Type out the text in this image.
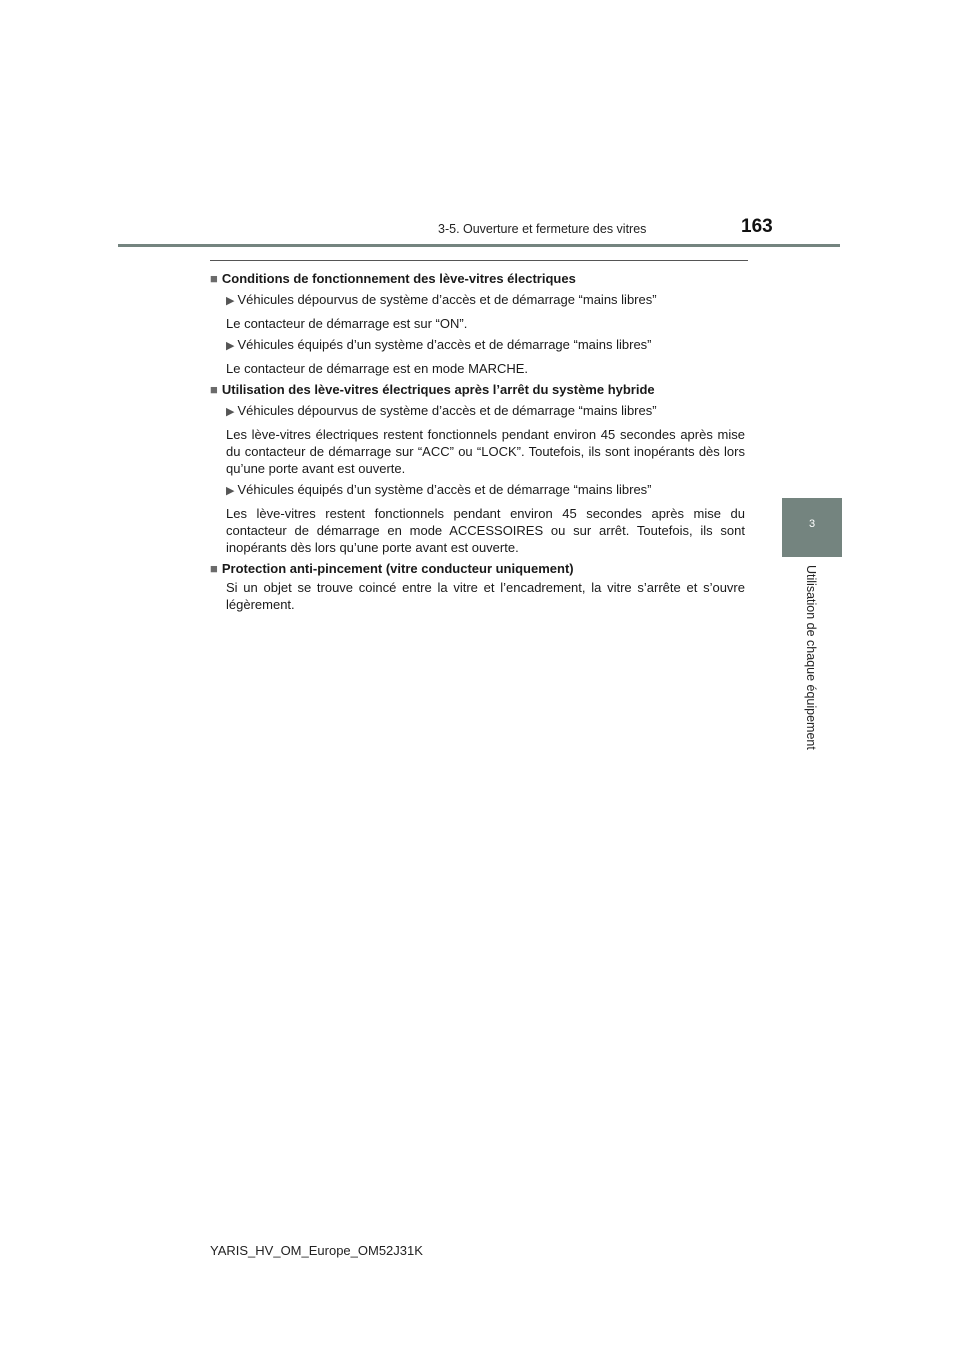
3-5. Ouverture et fermeture des vitres	163
3
Utilisation de chaque équipement
■ Conditions de fonctionnement des lève-vitres électriques
▶ Véhicules dépourvus de système d’accès et de démarrage “mains libres”
Le contacteur de démarrage est sur “ON”.
▶ Véhicules équipés d’un système d’accès et de démarrage “mains libres”
Le contacteur de démarrage est en mode MARCHE.
■ Utilisation des lève-vitres électriques après l’arrêt du système hybride
▶ Véhicules dépourvus de système d’accès et de démarrage “mains libres”
Les lève-vitres électriques restent fonctionnels pendant environ 45 secondes après mise du contacteur de démarrage sur “ACC” ou “LOCK”. Toutefois, ils sont inopérants dès lors qu’une porte avant est ouverte.
▶ Véhicules équipés d’un système d’accès et de démarrage “mains libres”
Les lève-vitres restent fonctionnels pendant environ 45 secondes après mise du contacteur de démarrage en mode ACCESSOIRES ou sur arrêt. Toutefois, ils sont inopérants dès lors qu’une porte avant est ouverte.
■ Protection anti-pincement (vitre conducteur uniquement)
Si un objet se trouve coincé entre la vitre et l’encadrement, la vitre s’arrête et s’ouvre légèrement.
YARIS_HV_OM_Europe_OM52J31K
